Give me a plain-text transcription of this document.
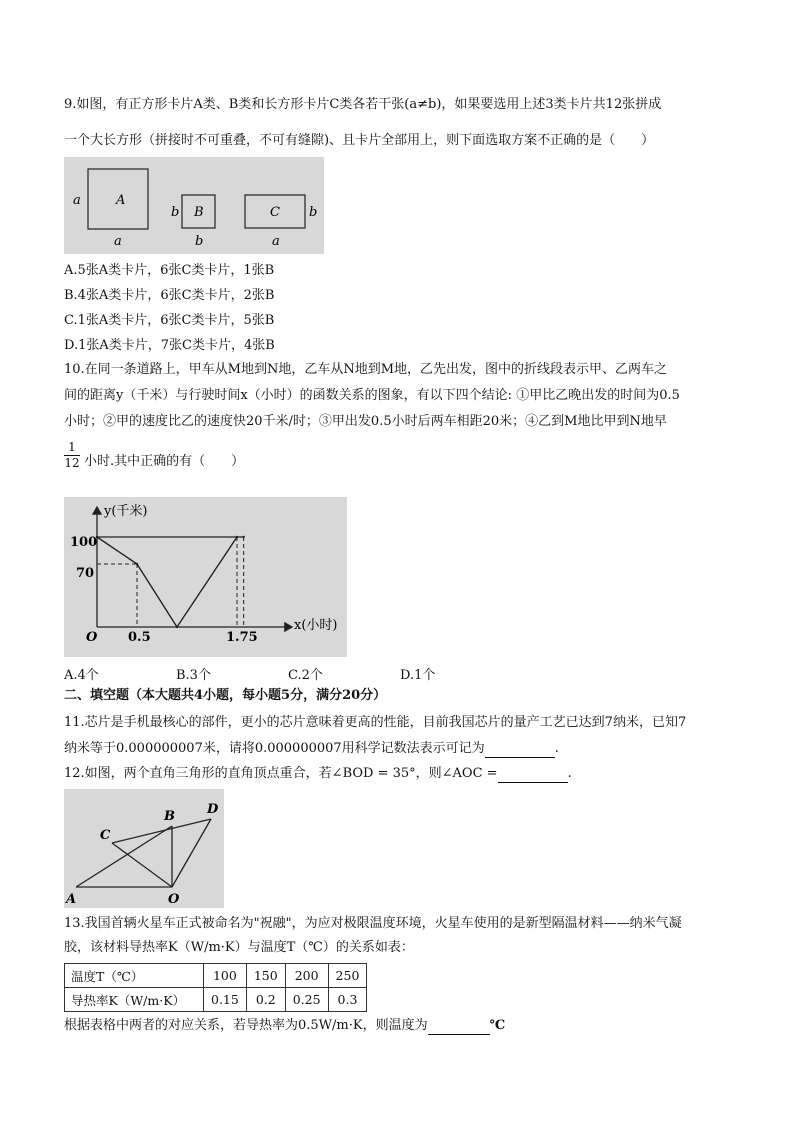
9.如图，有正方形卡片A类、B类和长方形卡片C类各若干张(a≠b)，如果要选用上述3类卡片共12张拼成
一个大长方形（拼接时不可重叠，不可有缝隙)、且卡片全部用上，则下面选取方案不正确的是（　　）
A
a
a
B
b
b
C b
a
A.5张A类卡片，6张C类卡片，1张B
B.4张A类卡片，6张C类卡片，2张B
C.1张A类卡片，6张C类卡片，5张B
D.1张A类卡片，7张C类卡片，4张B
10.在同一条道路上，甲车从M地到N地，乙车从N地到M地，乙先出发，图中的折线段表示甲、乙两车之
间的距离y（千米）与行驶时间x（小时）的函数关系的图象，有以下四个结论: ①甲比乙晚出发的时间为0.5
小时；②甲的速度比乙的速度快20千米/时；③甲出发0.5小时后两车相距20米；④乙到M地比甲到N地早
1
12 小时.其中正确的有（　　）
y(千米)
x(小时)
O
100
70
0.5	1.75
A.4个	B.3个	C.2个	D.1个
二、填空题（本大题共4小题，每小题5分，满分20分）
11.芯片是手机最核心的部件，更小的芯片意味着更高的性能，目前我国芯片的量产工艺已达到7纳米，已知7
纳米等于0.000000007米，请将0.000000007用科学记数法表示可记为	.
12.如图，两个直角三角形的直角顶点重合，若∠BOD = 35°，则∠AOC =	.
A
B
C
D
O
13.我国首辆火星车正式被命名为"祝融"，为应对极限温度环境，火星车使用的是新型隔温材料——纳米气凝
胶，该材料导热率K（W/m·K）与温度T（℃）的关系如表：
温度T（℃）	100	150	200	250
导热率K（W/m·K）	0.15	0.2	0.25	0.3
根据表格中两者的对应关系，若导热率为0.5W/m·K，则温度为	℃
